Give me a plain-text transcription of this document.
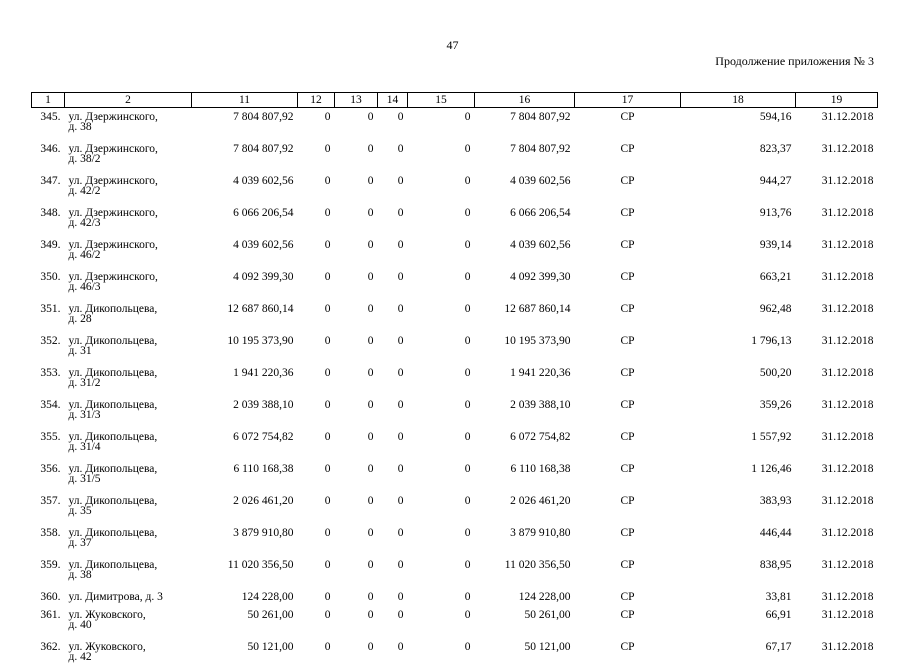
47
Продолжение приложения № 3
1	2	11	12	13	14	15	16	17	18	19
345.	ул. Дзержинского,
д. 38	7 804 807,92	0	0	0	0	7 804 807,92	СР	594,16	31.12.2018
346.	ул. Дзержинского,
д. 38/2	7 804 807,92	0	0	0	0	7 804 807,92	СР	823,37	31.12.2018
347.	ул. Дзержинского,
д. 42/2	4 039 602,56	0	0	0	0	4 039 602,56	СР	944,27	31.12.2018
348.	ул. Дзержинского,
д. 42/3	6 066 206,54	0	0	0	0	6 066 206,54	СР	913,76	31.12.2018
349.	ул. Дзержинского,
д. 46/2	4 039 602,56	0	0	0	0	4 039 602,56	СР	939,14	31.12.2018
350.	ул. Дзержинского,
д. 46/3	4 092 399,30	0	0	0	0	4 092 399,30	СР	663,21	31.12.2018
351.	ул. Дикопольцева,
д. 28	12 687 860,14	0	0	0	0	12 687 860,14	СР	962,48	31.12.2018
352.	ул. Дикопольцева,
д. 31	10 195 373,90	0	0	0	0	10 195 373,90	СР	1 796,13	31.12.2018
353.	ул. Дикопольцева,
д. 31/2	1 941 220,36	0	0	0	0	1 941 220,36	СР	500,20	31.12.2018
354.	ул. Дикопольцева,
д. 31/3	2 039 388,10	0	0	0	0	2 039 388,10	СР	359,26	31.12.2018
355.	ул. Дикопольцева,
д. 31/4	6 072 754,82	0	0	0	0	6 072 754,82	СР	1 557,92	31.12.2018
356.	ул. Дикопольцева,
д. 31/5	6 110 168,38	0	0	0	0	6 110 168,38	СР	1 126,46	31.12.2018
357.	ул. Дикопольцева,
д. 35	2 026 461,20	0	0	0	0	2 026 461,20	СР	383,93	31.12.2018
358.	ул. Дикопольцева,
д. 37	3 879 910,80	0	0	0	0	3 879 910,80	СР	446,44	31.12.2018
359.	ул. Дикопольцева,
д. 38	11 020 356,50	0	0	0	0	11 020 356,50	СР	838,95	31.12.2018
360.	ул. Димитрова, д. 3	124 228,00	0	0	0	0	124 228,00	СР	33,81	31.12.2018
361.	ул. Жуковского,
д. 40	50 261,00	0	0	0	0	50 261,00	СР	66,91	31.12.2018
362.	ул. Жуковского,
д. 42	50 121,00	0	0	0	0	50 121,00	СР	67,17	31.12.2018
